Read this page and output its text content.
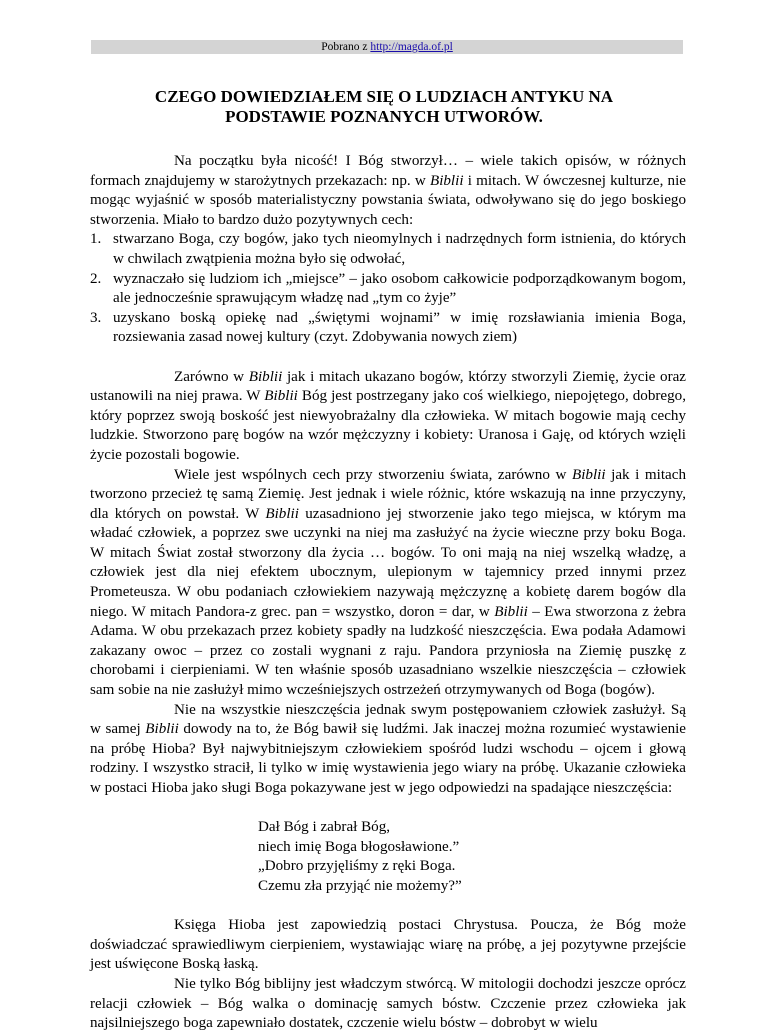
Pobrano z http://magda.of.pl
CZEGO DOWIEDZIAŁEM SIĘ O LUDZIACH ANTYKU NA
PODSTAWIE POZNANYCH UTWORÓW.

Na początku była nicość! I Bóg stworzył… – wiele takich opisów, w różnych formach znajdujemy w starożytnych przekazach: np. w Biblii i mitach. W ówczesnej kulturze, nie mogąc wyjaśnić w sposób materialistyczny powstania świata, odwoływano się do jego boskiego stworzenia. Miało to bardzo dużo pozytywnych cech:

1. stwarzano Boga, czy bogów, jako tych nieomylnych i nadrzędnych form istnienia, do których w chwilach zwątpienia można było się odwołać,
2. wyznaczało się ludziom ich „miejsce” – jako osobom całkowicie podporządkowanym bogom, ale jednocześnie sprawującym władzę nad „tym co żyje”
3. uzyskano boską opiekę nad „świętymi wojnami” w imię rozsławiania imienia Boga, rozsiewania zasad nowej kultury (czyt. Zdobywania nowych ziem)

Zarówno w Biblii jak i mitach ukazano bogów, którzy stworzyli Ziemię, życie oraz ustanowili na niej prawa. W Biblii Bóg jest postrzegany jako coś wielkiego, niepojętego, dobrego, który poprzez swoją boskość jest niewyobrażalny dla człowieka. W mitach bogowie mają cechy ludzkie. Stworzono parę bogów na wzór mężczyzny i kobiety: Uranosa i Gaję, od których wzięli życie pozostali bogowie.

Wiele jest wspólnych cech przy stworzeniu świata, zarówno w Biblii jak i mitach tworzono przecież tę samą Ziemię. Jest jednak i wiele różnic, które wskazują na inne przyczyny, dla których on powstał. W Biblii uzasadniono jej stworzenie jako tego miejsca, w którym ma władać człowiek, a poprzez swe uczynki na niej ma zasłużyć na życie wieczne przy boku Boga. W mitach Świat został stworzony dla życia … bogów. To oni mają na niej wszelką władzę, a człowiek jest dla niej efektem ubocznym, ulepionym w tajemnicy przed innymi przez Prometeusza. W obu podaniach człowiekiem nazywają mężczyznę a kobietę darem bogów dla niego. W mitach Pandora-z grec. pan = wszystko, doron = dar, w Biblii – Ewa stworzona z żebra Adama. W obu przekazach przez kobiety spadły na ludzkość nieszczęścia. Ewa podała Adamowi zakazany owoc – przez co zostali wygnani z raju. Pandora przyniosła na Ziemię puszkę z chorobami i cierpieniami. W ten właśnie sposób uzasadniano wszelkie nieszczęścia – człowiek sam sobie na nie zasłużył mimo wcześniejszych ostrzeżeń otrzymywanych od Boga (bogów).

Nie na wszystkie nieszczęścia jednak swym postępowaniem człowiek zasłużył. Są w samej Biblii dowody na to, że Bóg bawił się ludźmi. Jak inaczej można rozumieć wystawienie na próbę Hioba? Był najwybitniejszym człowiekiem spośród ludzi wschodu – ojcem i głową rodziny. I wszystko stracił, li tylko w imię wystawienia jego wiary na próbę. Ukazanie człowieka w postaci Hioba jako sługi Boga pokazywane jest w jego odpowiedzi na spadające nieszczęścia:

Dał Bóg i zabrał Bóg,
niech imię Boga błogosławione.”
„Dobro przyjęliśmy z ręki Boga.
Czemu zła przyjąć nie możemy?”

Księga Hioba jest zapowiedzią postaci Chrystusa. Poucza, że Bóg może doświadczać sprawiedliwym cierpieniem, wystawiając wiarę na próbę, a jej pozytywne przejście jest uświęcone Boską łaską.

Nie tylko Bóg biblijny jest władczym stwórcą. W mitologii dochodzi jeszcze oprócz relacji człowiek – Bóg walka o dominację samych bóstw. Czczenie przez człowieka jak najsilniejszego boga zapewniało dostatek, czczenie wielu bóstw – dobrobyt w wielu
